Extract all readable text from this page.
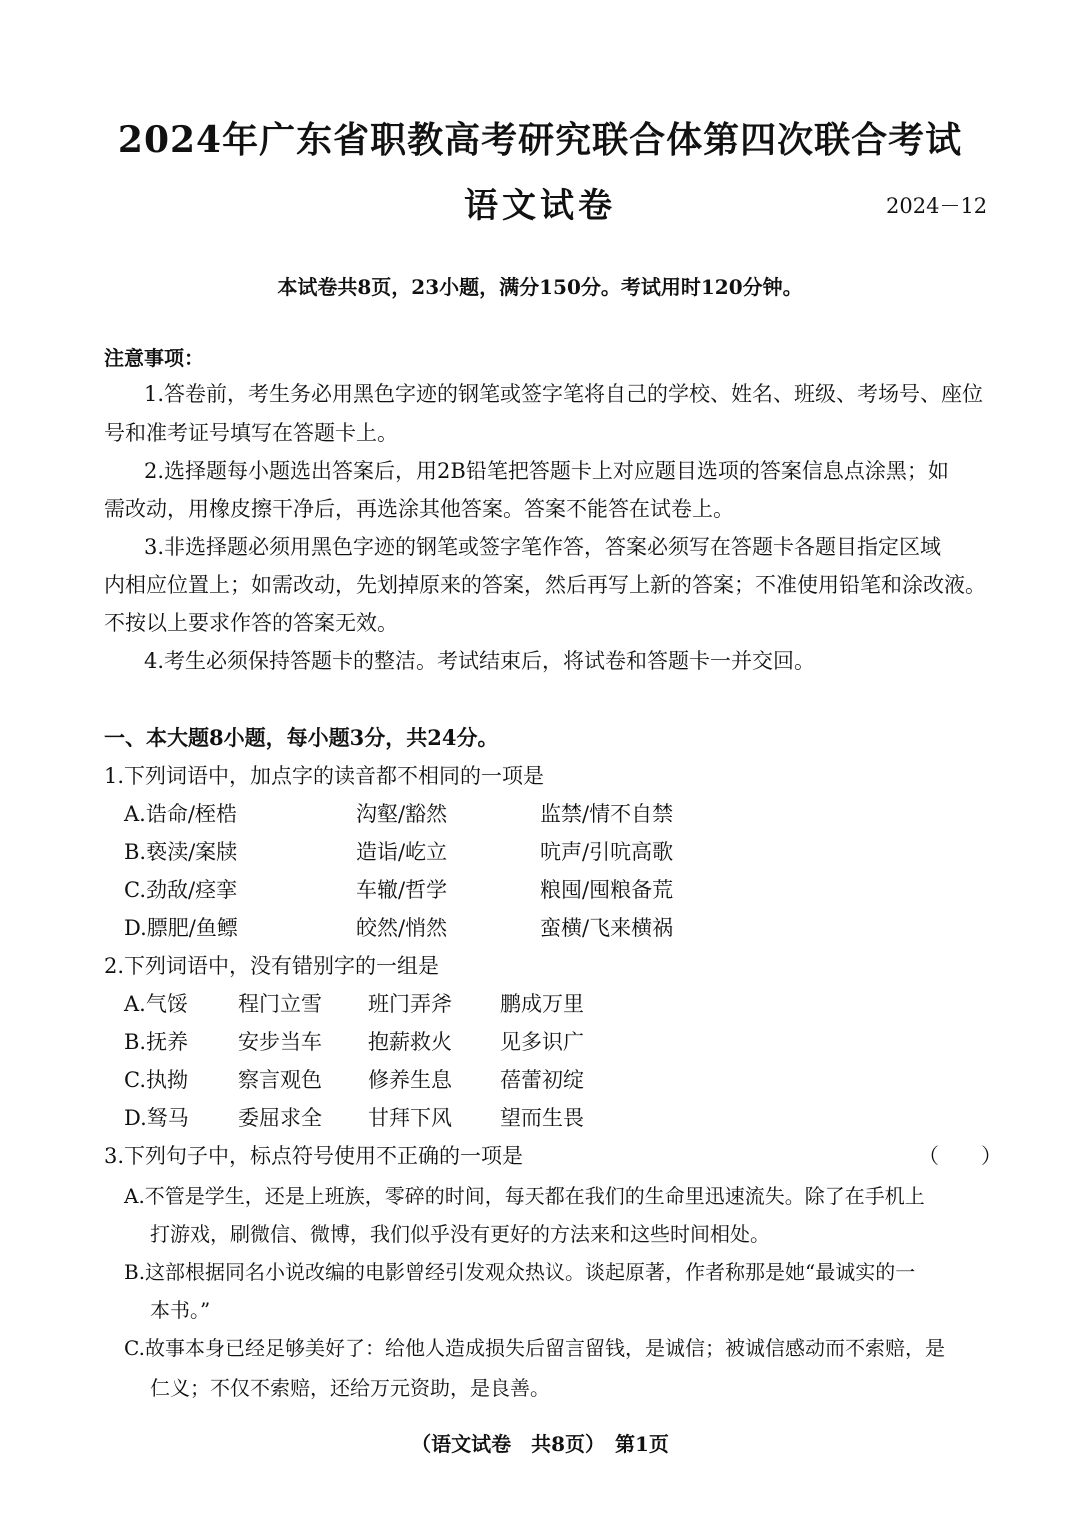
2024年广东省职教高考研究联合体第四次联合考试
语文试卷	2024－12
本试卷共8页，23小题，满分150分。考试用时120分钟。
注意事项：
1.答卷前，考生务必用黑色字迹的钢笔或签字笔将自己的学校、姓名、班级、考场号、座位
号和准考证号填写在答题卡上。
2.选择题每小题选出答案后，用2B铅笔把答题卡上对应题目选项的答案信息点涂黑；如
需改动，用橡皮擦干净后，再选涂其他答案。答案不能答在试卷上。
3.非选择题必须用黑色字迹的钢笔或签字笔作答，答案必须写在答题卡各题目指定区域
内相应位置上；如需改动，先划掉原来的答案，然后再写上新的答案；不准使用铅笔和涂改液。
不按以上要求作答的答案无效。
4.考生必须保持答题卡的整洁。考试结束后，将试卷和答题卡一并交回。
一、本大题8小题，每小题3分，共24分。
1.下列词语中，加点字的读音都不相同的一项是
A.诰命/桎梏	沟壑/豁然	监禁/情不自禁
B.亵渎/案牍	造诣/屹立	吭声/引吭高歌
C.劲敌/痉挛	车辙/哲学	粮囤/囤粮备荒
D.膘肥/鱼鳔	皎然/悄然	蛮横/飞来横祸
2.下列词语中，没有错别字的一组是
A.气馁 程门立雪 班门弄斧 鹏成万里
B.抚养 安步当车 抱薪救火 见多识广
C.执拗 察言观色 修养生息 蓓蕾初绽
D.驽马 委屈求全 甘拜下风 望而生畏
3.下列句子中，标点符号使用不正确的一项是	（　　）
A.不管是学生，还是上班族，零碎的时间，每天都在我们的生命里迅速流失。除了在手机上
打游戏，刷微信、微博，我们似乎没有更好的方法来和这些时间相处。
B.这部根据同名小说改编的电影曾经引发观众热议。谈起原著，作者称那是她“最诚实的一
本书。”
C.故事本身已经足够美好了：给他人造成损失后留言留钱，是诚信；被诚信感动而不索赔，是
仁义；不仅不索赔，还给万元资助，是良善。
（语文试卷　共8页）　第1页
